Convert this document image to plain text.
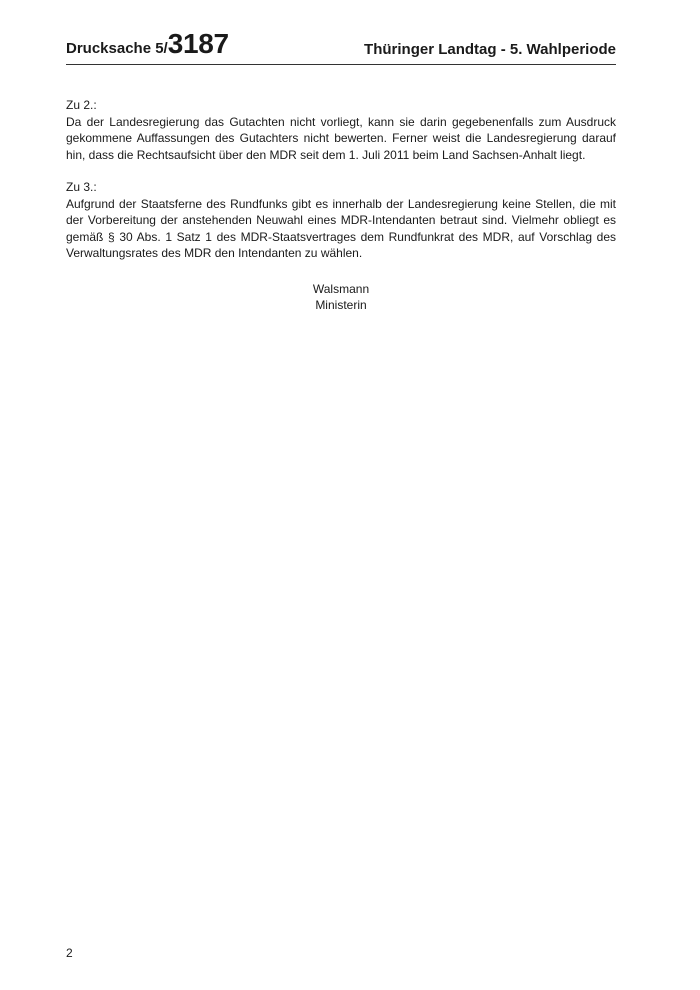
Drucksache 5/3187	Thüringer Landtag - 5. Wahlperiode

Zu 2.:

Da der Landesregierung das Gutachten nicht vorliegt, kann sie darin gegebenenfalls zum Ausdruck gekommene Auffassungen des Gutachters nicht bewerten. Ferner weist die Landesregierung darauf hin, dass die Rechtsaufsicht über den MDR seit dem 1. Juli 2011 beim Land Sachsen-Anhalt liegt.

Zu 3.:

Aufgrund der Staatsferne des Rundfunks gibt es innerhalb der Landesregierung keine Stellen, die mit der Vorbereitung der anstehenden Neuwahl eines MDR-Intendanten betraut sind. Vielmehr obliegt es gemäß § 30 Abs. 1 Satz 1 des MDR-Staatsvertrages dem Rundfunkrat des MDR, auf Vorschlag des Verwaltungsrates des MDR den Intendanten zu wählen.

Walsmann
Ministerin
2
